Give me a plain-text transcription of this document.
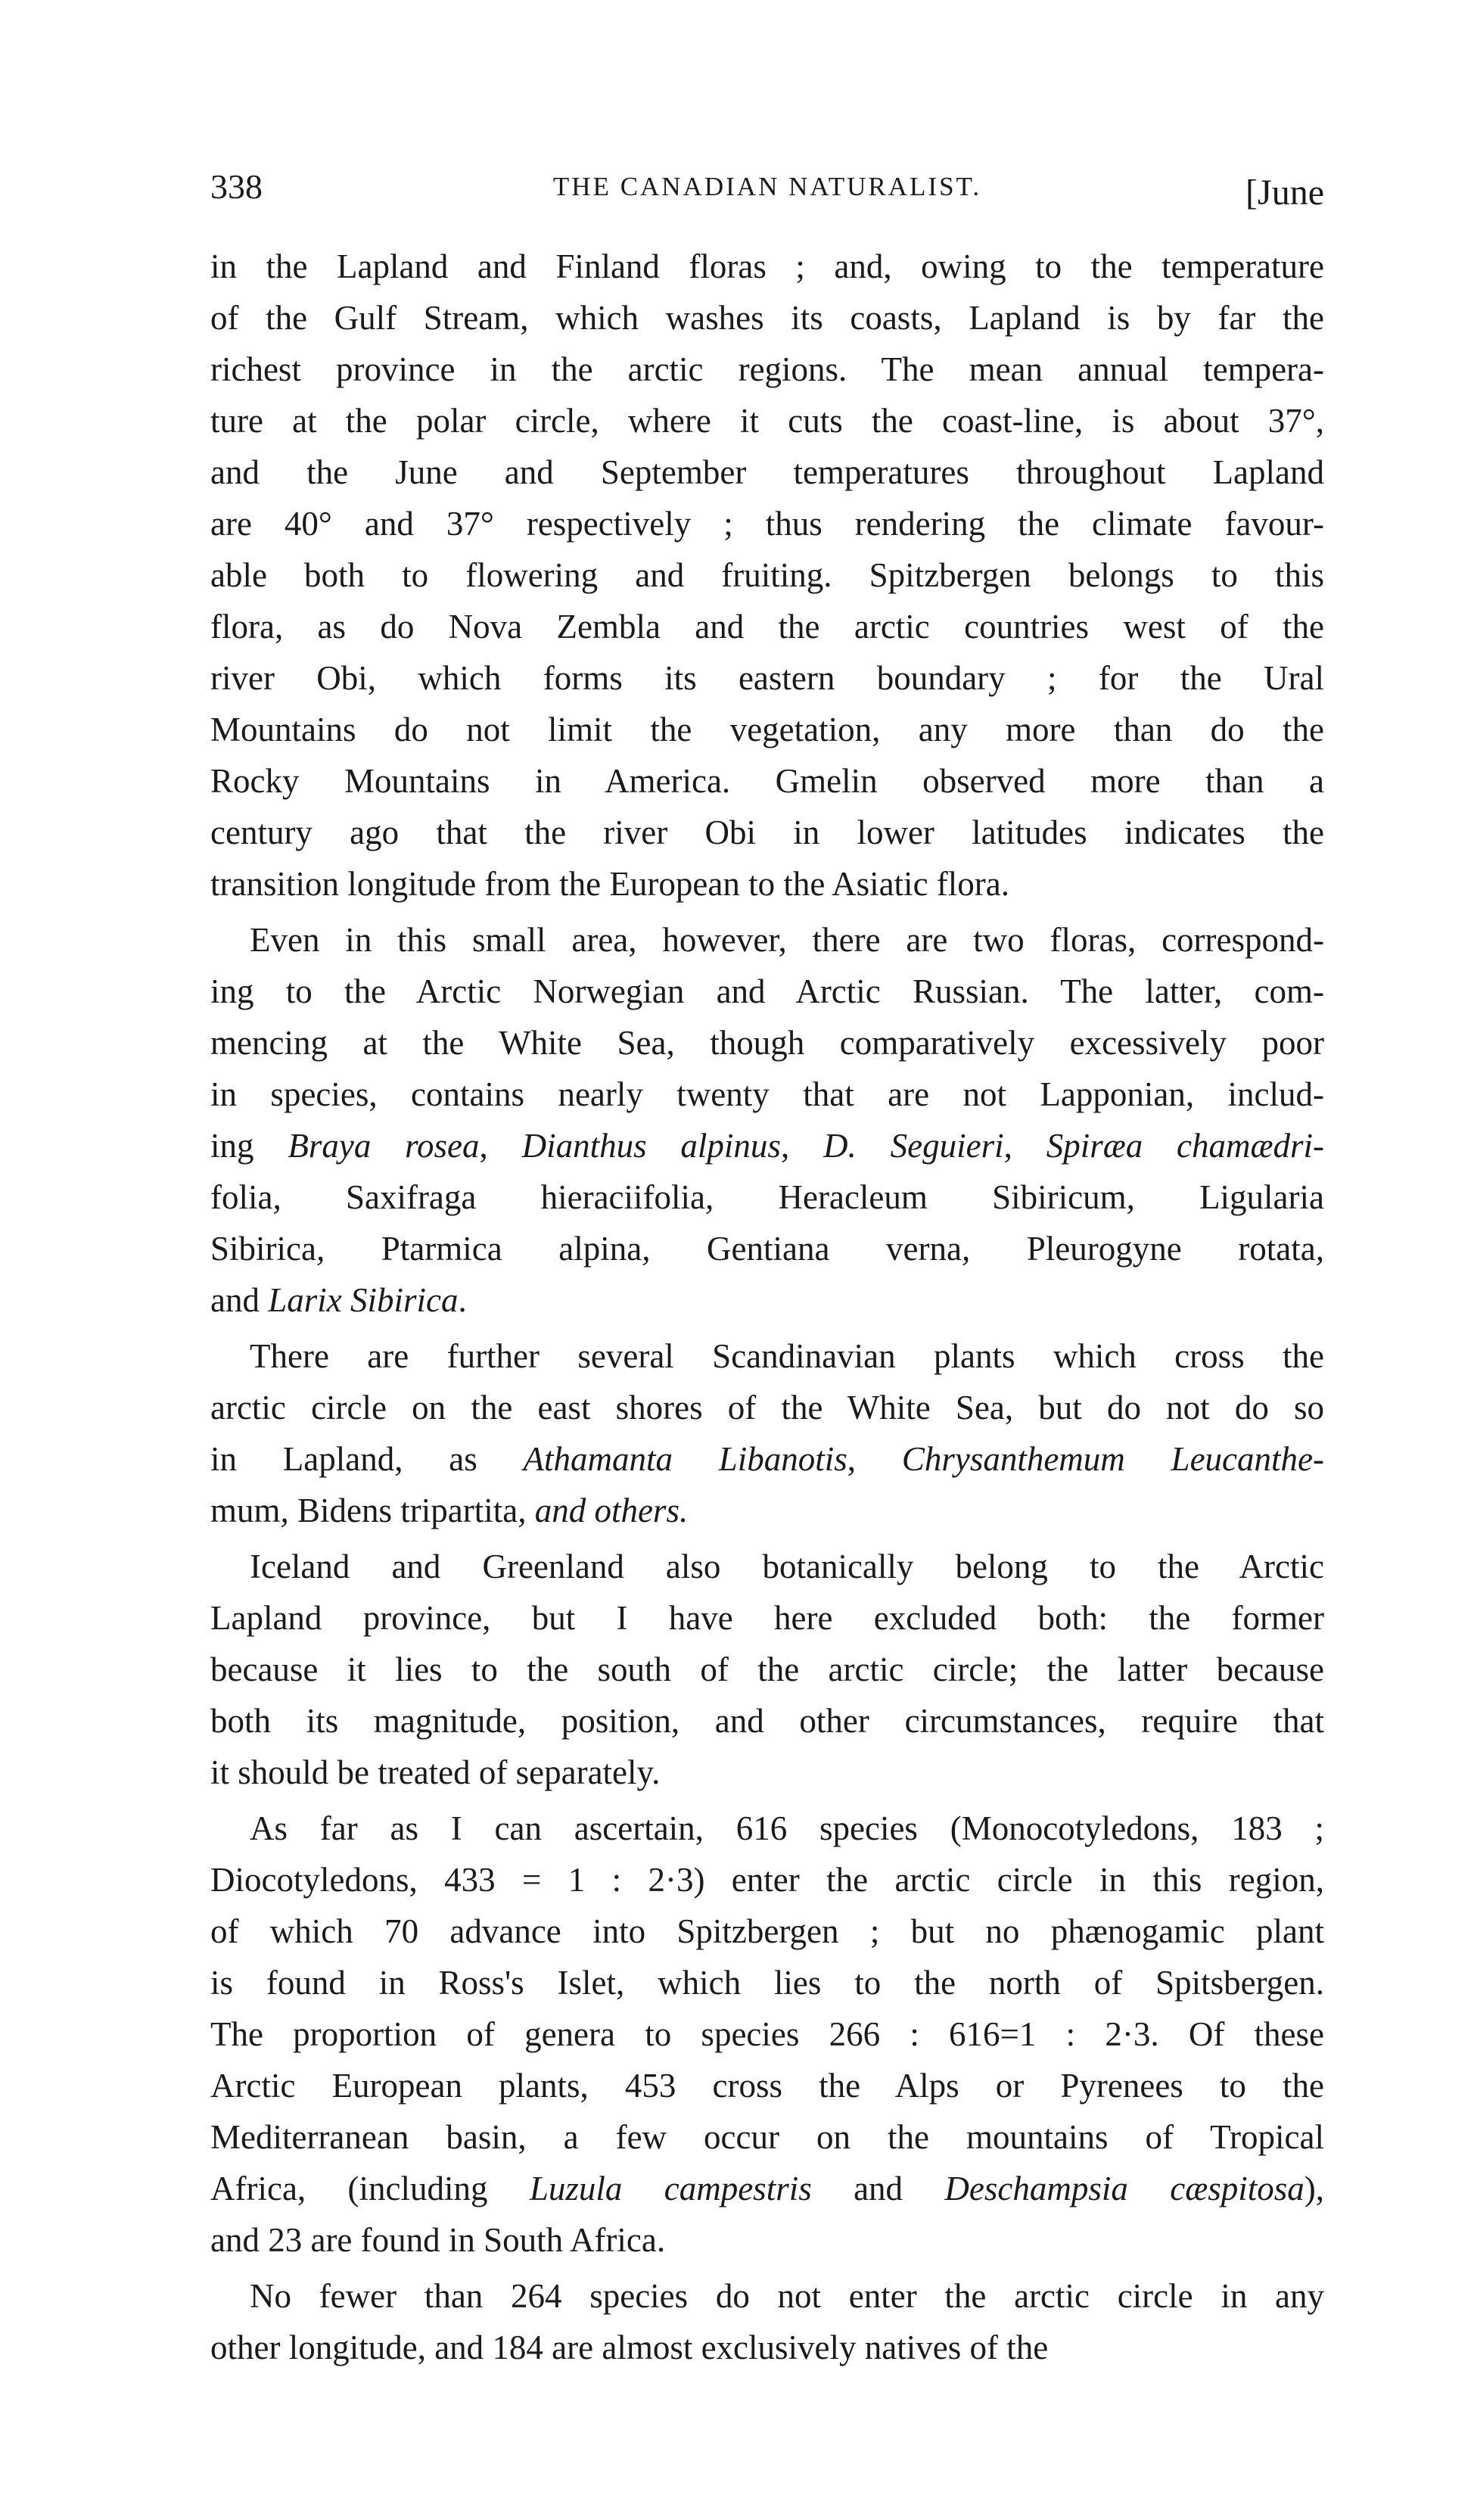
338	THE CANADIAN NATURALIST.	[June
in the Lapland and Finland floras ; and, owing to the temperature
of the Gulf Stream, which washes its coasts, Lapland is by far the
richest province in the arctic regions. The mean annual tempera-
ture at the polar circle, where it cuts the coast-line, is about 37°,
and the June and September temperatures throughout Lapland
are 40° and 37° respectively ; thus rendering the climate favour-
able both to flowering and fruiting. Spitzbergen belongs to this
flora, as do Nova Zembla and the arctic countries west of the
river Obi, which forms its eastern boundary ; for the Ural
Mountains do not limit the vegetation, any more than do the
Rocky Mountains in America. Gmelin observed more than a
century ago that the river Obi in lower latitudes indicates the
transition longitude from the European to the Asiatic flora.
Even in this small area, however, there are two floras, correspond-
ing to the Arctic Norwegian and Arctic Russian. The latter, com-
mencing at the White Sea, though comparatively excessively poor
in species, contains nearly twenty that are not Lapponian, includ-
ing Braya rosea, Dianthus alpinus, D. Seguieri, Spiræa chamædri-
folia, Saxifraga hieraciifolia, Heracleum Sibiricum, Ligularia
Sibirica, Ptarmica alpina, Gentiana verna, Pleurogyne rotata,
and Larix Sibirica.
There are further several Scandinavian plants which cross the
arctic circle on the east shores of the White Sea, but do not do so
in Lapland, as Athamanta Libanotis, Chrysanthemum Leucanthe-
mum, Bidens tripartita, and others.
Iceland and Greenland also botanically belong to the Arctic
Lapland province, but I have here excluded both: the former
because it lies to the south of the arctic circle; the latter because
both its magnitude, position, and other circumstances, require that
it should be treated of separately.
As far as I can ascertain, 616 species (Monocotyledons, 183 ;
Diocotyledons, 433 = 1 : 2·3) enter the arctic circle in this region,
of which 70 advance into Spitzbergen ; but no phænogamic plant
is found in Ross's Islet, which lies to the north of Spitsbergen.
The proportion of genera to species 266 : 616=1 : 2·3. Of these
Arctic European plants, 453 cross the Alps or Pyrenees to the
Mediterranean basin, a few occur on the mountains of Tropical
Africa, (including Luzula campestris and Deschampsia cæspitosa),
and 23 are found in South Africa.
No fewer than 264 species do not enter the arctic circle in any
other longitude, and 184 are almost exclusively natives of the
